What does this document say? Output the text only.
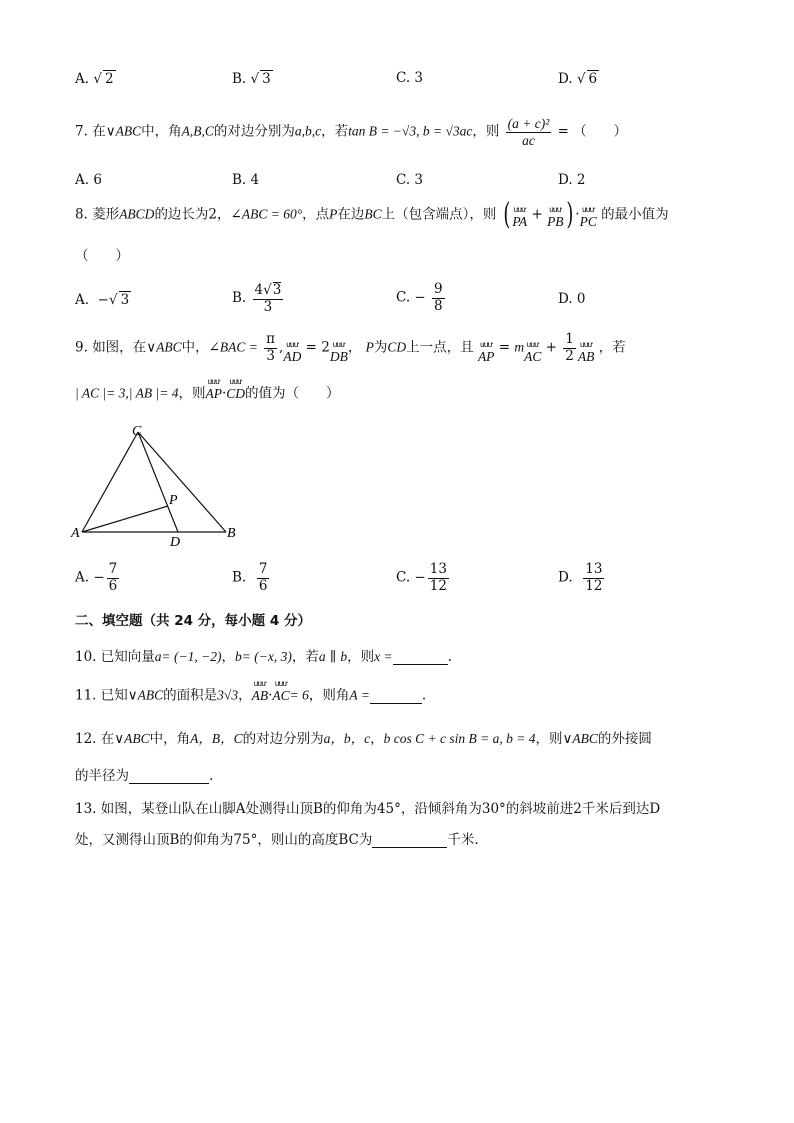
A. √ 2	B. √ 3	C. 3	D. √ 6
7. 在∨ABC中，角A,B,C的对边分别为a,b,c，若tan B = −√3, b = √3ac，则 $\frac{\text{(a + c)²}}{ac}$ = （　　）
A. 6	B. 4	C. 3	D. 2
8. 菱形ABCD的边长为2，∠ABC = 60°，点P在边BC上（包含端点），则 ( ưưư
PA + ưưư
PB) · ưưư
PC 的最小值为
（　　）
A.  −√ 3	B. $\frac{4√3}{3}$	C. − $\frac{9}{8}$	D. 0
9. 如图，在∨ABC中，∠BAC = $\frac{\pi}{3}$ , ưưư
AD = 2 ưưư
DB， P为CD上一点，且 ưưư
AP = m ưưư
AC + $\frac{1}{2}$ ưưư
AB ，若
| AC |= 3,| AB |= 4，则
ưưư
AP·
ưưư
CD的值为（　　）
C
P
A
D
B
A. − $\frac{7}{6}$	B. $\frac{7}{6}$	C. − $\frac{13}{12}$	D. $\frac{13}{12}$
二、填空题（共 24 分，每小题 4 分）
10. 已知向量a= (−1, −2)，b= (−x, 3)，若a ∥ b，则x =	.
11. 已知∨ABC的面积是3√3，
ưưư
AB·
ưưư
AC= 6，则角A =	.
12. 在∨ABC中，角A，B，C的对边分别为a，b，c，b cos C + c sin B = a, b = 4，则∨ABC的外接圆
的半径为	.
13. 如图，某登山队在山脚A处测得山顶B的仰角为45°，沿倾斜角为30°的斜坡前进2千米后到达D
处，又测得山顶B的仰角为75°，则山的高度BC为	千米.
